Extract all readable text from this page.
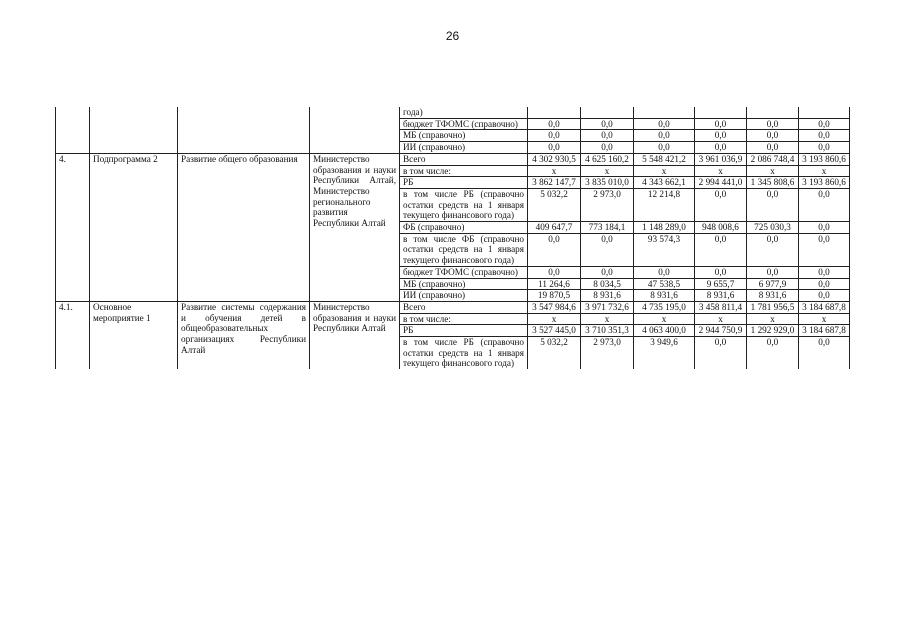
26
				года)						
				бюджет ТФОМС (справочно)	0,0	0,0	0,0	0,0	0,0	0,0
				МБ (справочно)	0,0	0,0	0,0	0,0	0,0	0,0
				ИИ (справочно)	0,0	0,0	0,0	0,0	0,0	0,0
4.	Подпрограмма 2	Развитие общего образования	Министерство образования и науки Республики Алтай, Министерство регионального развития Республики Алтай	Всего	4 302 930,5	4 625 160,2	5 548 421,2	3 961 036,9	2 086 748,4	3 193 860,6
				в том числе:	x	x	x	x	x	x
				РБ	3 862 147,7	3 835 010,0	4 343 662,1	2 994 441,0	1 345 808,6	3 193 860,6
				в том числе РБ (справочно остатки средств на 1 января текущего финансового года)	5 032,2	2 973,0	12 214,8	0,0	0,0	0,0
				ФБ (справочно)	409 647,7	773 184,1	1 148 289,0	948 008,6	725 030,3	0,0
				в том числе ФБ (справочно остатки средств на 1 января текущего финансового года)	0,0	0,0	93 574,3	0,0	0,0	0,0
				бюджет ТФОМС (справочно)	0,0	0,0	0,0	0,0	0,0	0,0
				МБ (справочно)	11 264,6	8 034,5	47 538,5	9 655,7	6 977,9	0,0
				ИИ (справочно)	19 870,5	8 931,6	8 931,6	8 931,6	8 931,6	0,0
4.1.	Основное мероприятие 1	Развитие системы содержания и обучения детей в общеобразовательных организациях Республики Алтай	Министерство образования и науки Республики Алтай	Всего	3 547 984,6	3 971 732,6	4 735 195,0	3 458 811,4	1 781 956,5	3 184 687,8
				в том числе:	x	x	x	x	x	x
				РБ	3 527 445,0	3 710 351,3	4 063 400,0	2 944 750,9	1 292 929,0	3 184 687,8
				в том числе РБ (справочно остатки средств на 1 января текущего финансового года)	5 032,2	2 973,0	3 949,6	0,0	0,0	0,0
